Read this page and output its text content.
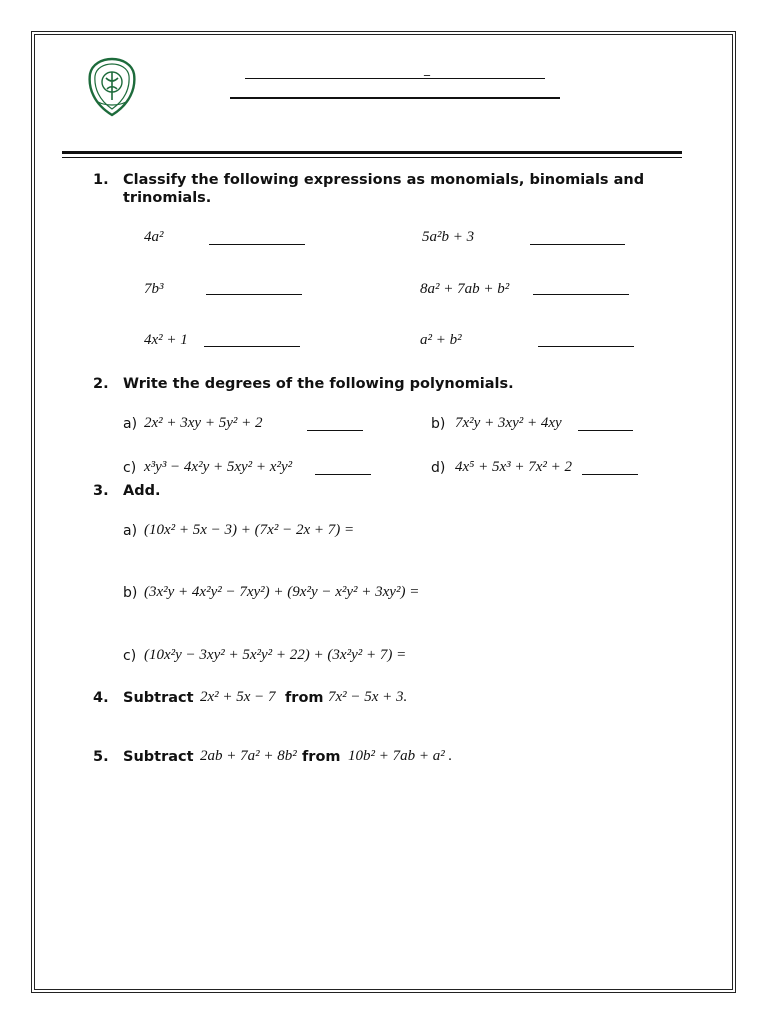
_
1. Classify the following expressions as monomials, binomials and trinomials.
4a²	5a²b + 3
7b³	8a² + 7ab + b²
4x² + 1	a² + b²
2. Write the degrees of the following polynomials.
a) 2x² + 3xy + 5y² + 2	b) 7x²y + 3xy² + 4xy
c) x³y³ − 4x²y + 5xy² + x²y²	d) 4x⁵ + 5x³ + 7x² + 2
3. Add.
a) (10x² + 5x − 3) + (7x² − 2x + 7) =
b) (3x²y + 4x²y² − 7xy²) + (9x²y − x²y² + 3xy²) =
c) (10x²y − 3xy² + 5x²y² + 22) + (3x²y² + 7) =
4. Subtract 2x² + 5x − 7 from 7x² − 5x + 3.
5. Subtract 2ab + 7a² + 8b² from 10b² + 7ab + a² .
